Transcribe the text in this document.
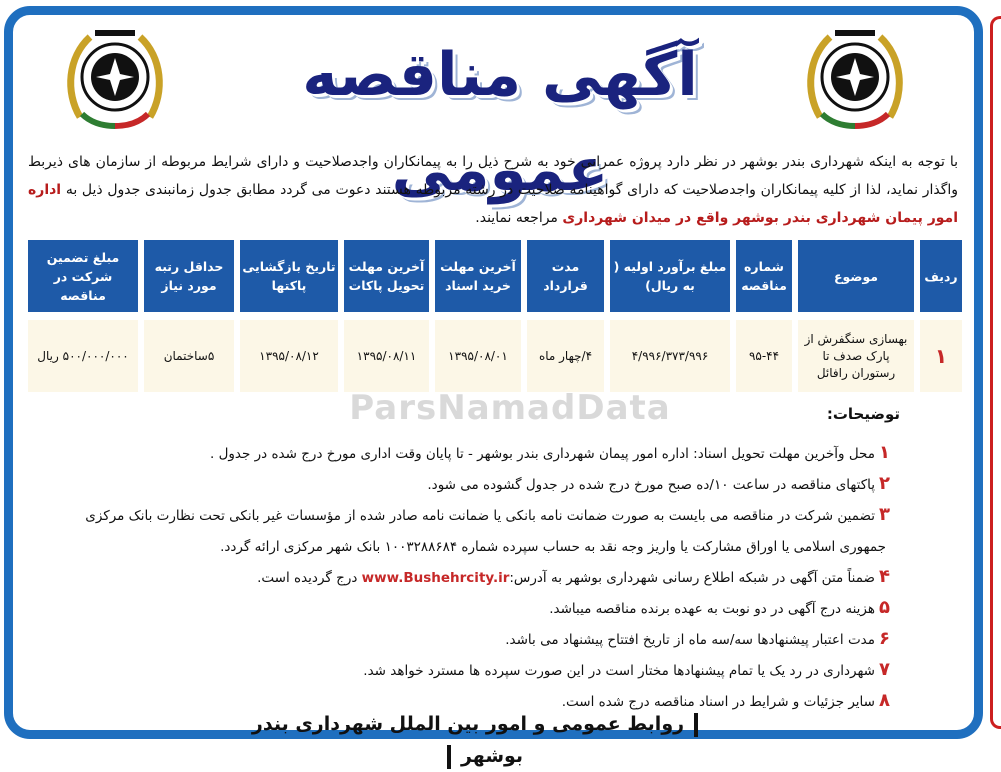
آگهی مناقصه عمومی
با توجه به اینکه شهرداری بندر بوشهر در نظر دارد پروژه عمرانی خود به شرح ذیل را به پیمانکاران واجدصلاحیت و دارای شرایط مربوطه از سازمان های ذیربط واگذار نماید، لذا از کلیه پیمانکاران واجدصلاحیت که دارای گواهینامه صلاحیت در رشته مربوطه هستند دعوت می گردد مطابق جدول زمانبندی جدول ذیل به اداره امور پیمان شهرداری بندر بوشهر واقع در میدان شهرداری مراجعه نمایند.
ردیف
موضوع
شماره مناقصه
مبلغ برآورد اولیه ( به ریال)
مدت قرارداد
آخرین مهلت خرید اسناد
آخرین مهلت تحویل پاکات
تاریخ بازگشایی پاکتها
حداقل رتبه مورد نیاز
مبلغ تضمین شرکت در مناقصه
۱
بهسازی سنگفرش از پارک صدف تا رستوران رافائل
۹۵-۴۴
۴/۹۹۶/۳۷۳/۹۹۶
۴/چهار ماه
۱۳۹۵/۰۸/۰۱
۱۳۹۵/۰۸/۱۱
۱۳۹۵/۰۸/۱۲
۵ساختمان
۵۰۰/۰۰۰/۰۰۰ ریال
ParsNamadData	توضیحات:
۱محل وآخرین مهلت تحویل اسناد: اداره امور پیمان شهرداری بندر بوشهر - تا پایان وقت اداری مورخ درج شده در جدول .
۲پاکتهای مناقصه در ساعت ۱۰/ده صبح مورخ درج شده در جدول گشوده می شود.
۳تضمین شرکت در مناقصه می بایست به صورت ضمانت نامه بانکی یا ضمانت نامه صادر شده از مؤسسات غیر بانکی تحت نظارت بانک مرکزی
جمهوری اسلامی یا اوراق مشارکت یا واریز وجه نقد به حساب سپرده شماره ۱۰۰۳۲۸۸۶۸۴ بانک شهر مرکزی ارائه گردد.
۴ضمناً متن آگهی در شبکه اطلاع رسانی شهرداری بوشهر به آدرس:www.Bushehrcity.ir درج گردیده است.
۵هزینه درج آگهی در دو نوبت به عهده برنده مناقصه میباشد.
۶مدت اعتبار پیشنهادها سه/سه ماه از تاریخ افتتاح پیشنهاد می باشد.
۷شهرداری در رد یک یا تمام پیشنهادها مختار است در این صورت سپرده ها مسترد خواهد شد.
۸سایر جزئیات و شرایط در اسناد مناقصه درج شده است.
روابط عمومی و امور بین الملل شهرداری بندر بوشهر
